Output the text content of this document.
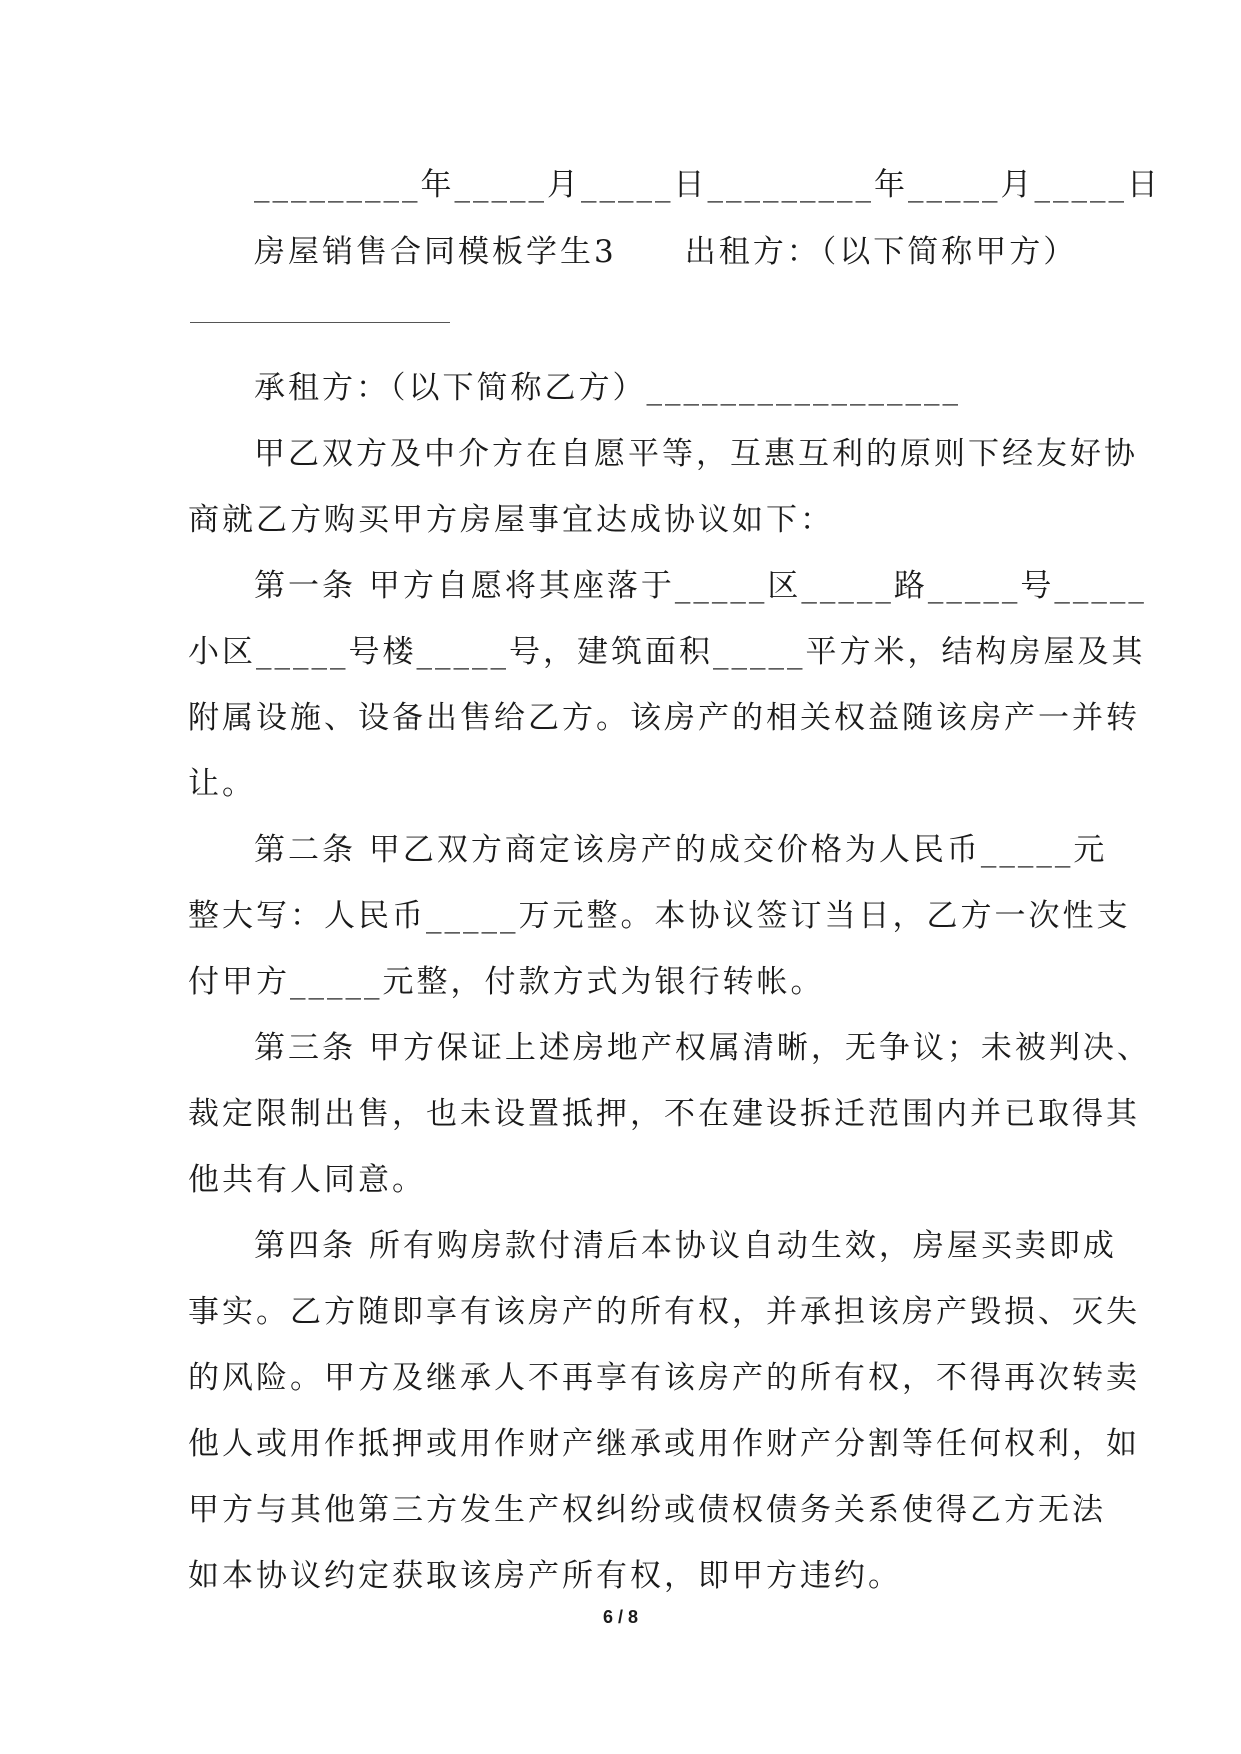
_________年_____月_____日_________年_____月_____日
房屋销售合同模板学生3　　出租方：（以下简称甲方）
承租方：（以下简称乙方）_________________
甲乙双方及中介方在自愿平等，互惠互利的原则下经友好协
商就乙方购买甲方房屋事宜达成协议如下：
第一条 甲方自愿将其座落于_____区_____路_____号_____
小区_____号楼_____号，建筑面积_____平方米，结构房屋及其
附属设施、设备出售给乙方。该房产的相关权益随该房产一并转
让。
第二条 甲乙双方商定该房产的成交价格为人民币_____元
整大写：人民币_____万元整。本协议签订当日，乙方一次性支
付甲方_____元整，付款方式为银行转帐。
第三条 甲方保证上述房地产权属清晰，无争议；未被判决、
裁定限制出售，也未设置抵押，不在建设拆迁范围内并已取得其
他共有人同意。
第四条 所有购房款付清后本协议自动生效，房屋买卖即成
事实。乙方随即享有该房产的所有权，并承担该房产毁损、灭失
的风险。甲方及继承人不再享有该房产的所有权，不得再次转卖
他人或用作抵押或用作财产继承或用作财产分割等任何权利，如
甲方与其他第三方发生产权纠纷或债权债务关系使得乙方无法
如本协议约定获取该房产所有权，即甲方违约。
6 / 8
